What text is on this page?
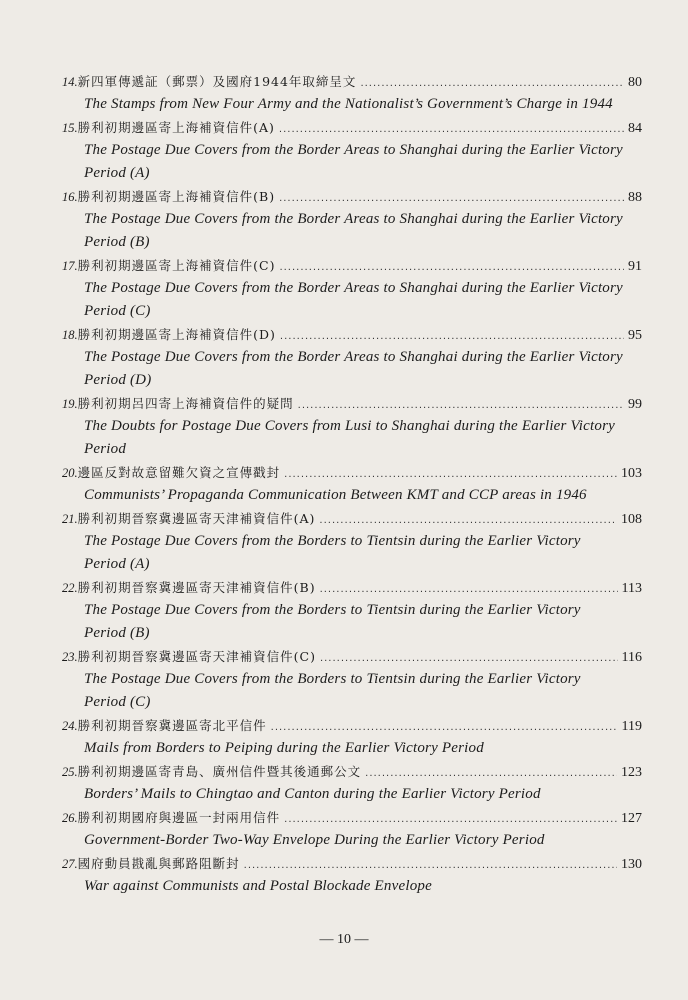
14. 新四軍傳遞証（郵票）及國府1944年取締呈文 .....	80

The Stamps from New Four Army and the Nationalist’s Government’s Charge in 1944

15. 勝利初期邊區寄上海補資信件(A) .....	84

The Postage Due Covers from the Border Areas to Shanghai during the Earlier Victory Period (A)

16. 勝利初期邊區寄上海補資信件(B) .....	88

The Postage Due Covers from the Border Areas to Shanghai during the Earlier Victory Period (B)

17. 勝利初期邊區寄上海補資信件(C) .....	91

The Postage Due Covers from the Border Areas to Shanghai during the Earlier Victory Period (C)

18. 勝利初期邊區寄上海補資信件(D) .....	95

The Postage Due Covers from the Border Areas to Shanghai during the Earlier Victory Period (D)

19. 勝利初期呂四寄上海補資信件的疑問 .....	99

The Doubts for Postage Due Covers from Lusi to Shanghai during the Earlier Victory Period

20. 邊區反對故意留難欠資之宣傳戳封 .....	103

Communists’ Propaganda Communication Between KMT and CCP areas in 1946

21. 勝利初期晉察冀邊區寄天津補資信件(A) .....	108

The Postage Due Covers from the Borders to Tientsin during the Earlier Victory Period (A)

22. 勝利初期晉察冀邊區寄天津補資信件(B) .....	113

The Postage Due Covers from the Borders to Tientsin during the Earlier Victory Period (B)

23. 勝利初期晉察冀邊區寄天津補資信件(C) .....	116

The Postage Due Covers from the Borders to Tientsin during the Earlier Victory Period (C)

24. 勝利初期晉察冀邊區寄北平信件 .....	119

Mails from Borders to Peiping during the Earlier Victory Period

25. 勝利初期邊區寄青島、廣州信件暨其後通郵公文 .....	123

Borders’ Mails to Chingtao and Canton during the Earlier Victory Period

26. 勝利初期國府與邊區一封兩用信件 .....	127

Government-Border Two-Way Envelope During the Earlier Victory Period

27. 國府動員戡亂與郵路阻斷封 .....	130

War against Communists and Postal Blockade Envelope

— 10 —
